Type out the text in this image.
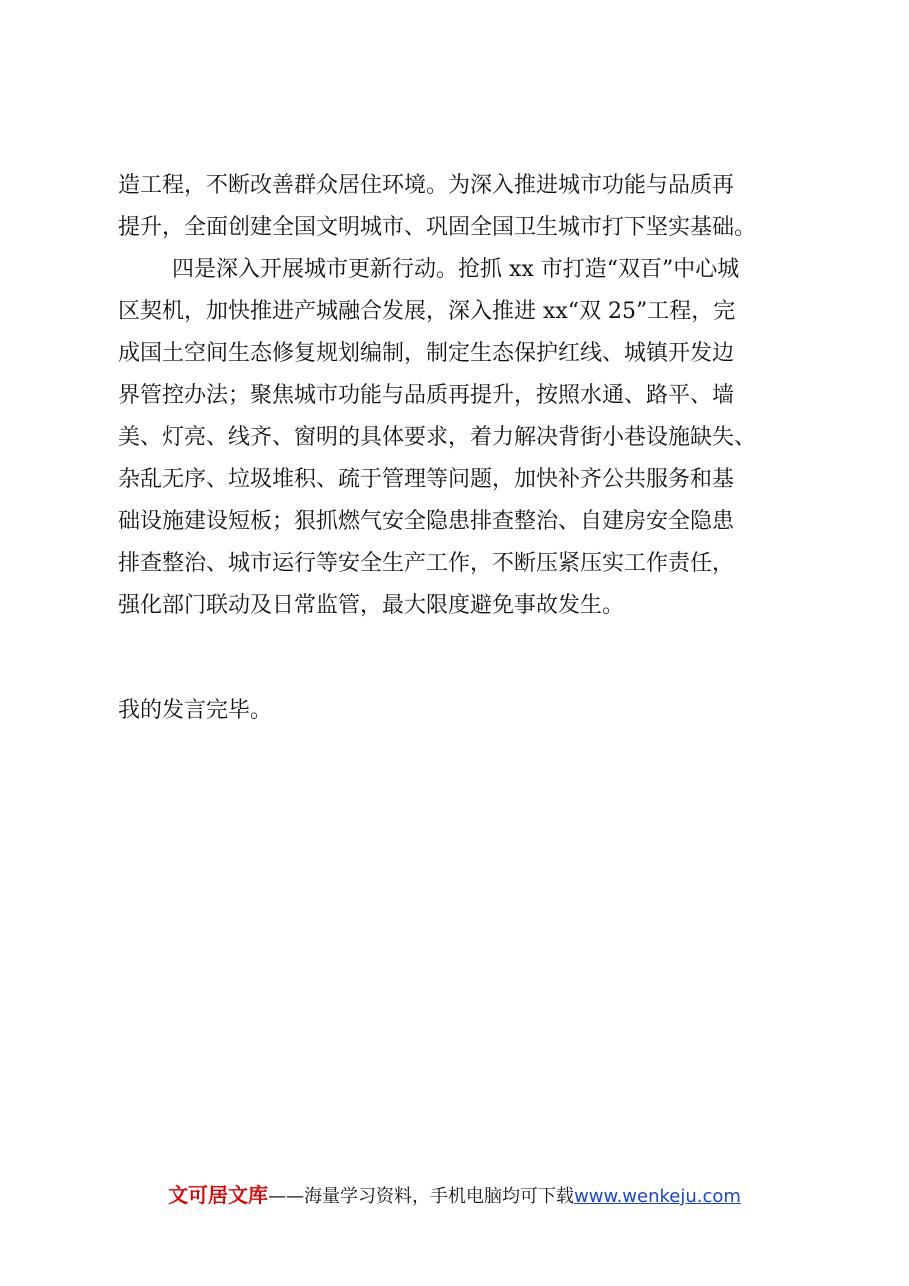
造工程，不断改善群众居住环境。为深入推进城市功能与品质再
提升，全面创建全国文明城市、巩固全国卫生城市打下坚实基础。
四是深入开展城市更新行动。抢抓 xx 市打造“双百”中心城
区契机，加快推进产城融合发展，深入推进 xx“双 25”工程，完
成国土空间生态修复规划编制，制定生态保护红线、城镇开发边
界管控办法；聚焦城市功能与品质再提升，按照水通、路平、墙
美、灯亮、线齐、窗明的具体要求，着力解决背街小巷设施缺失、
杂乱无序、垃圾堆积、疏于管理等问题，加快补齐公共服务和基
础设施建设短板；狠抓燃气安全隐患排查整治、自建房安全隐患
排查整治、城市运行等安全生产工作，不断压紧压实工作责任，
强化部门联动及日常监管，最大限度避免事故发生。
我的发言完毕。
文可居文库——海量学习资料，手机电脑均可下载www.wenkeju.com
